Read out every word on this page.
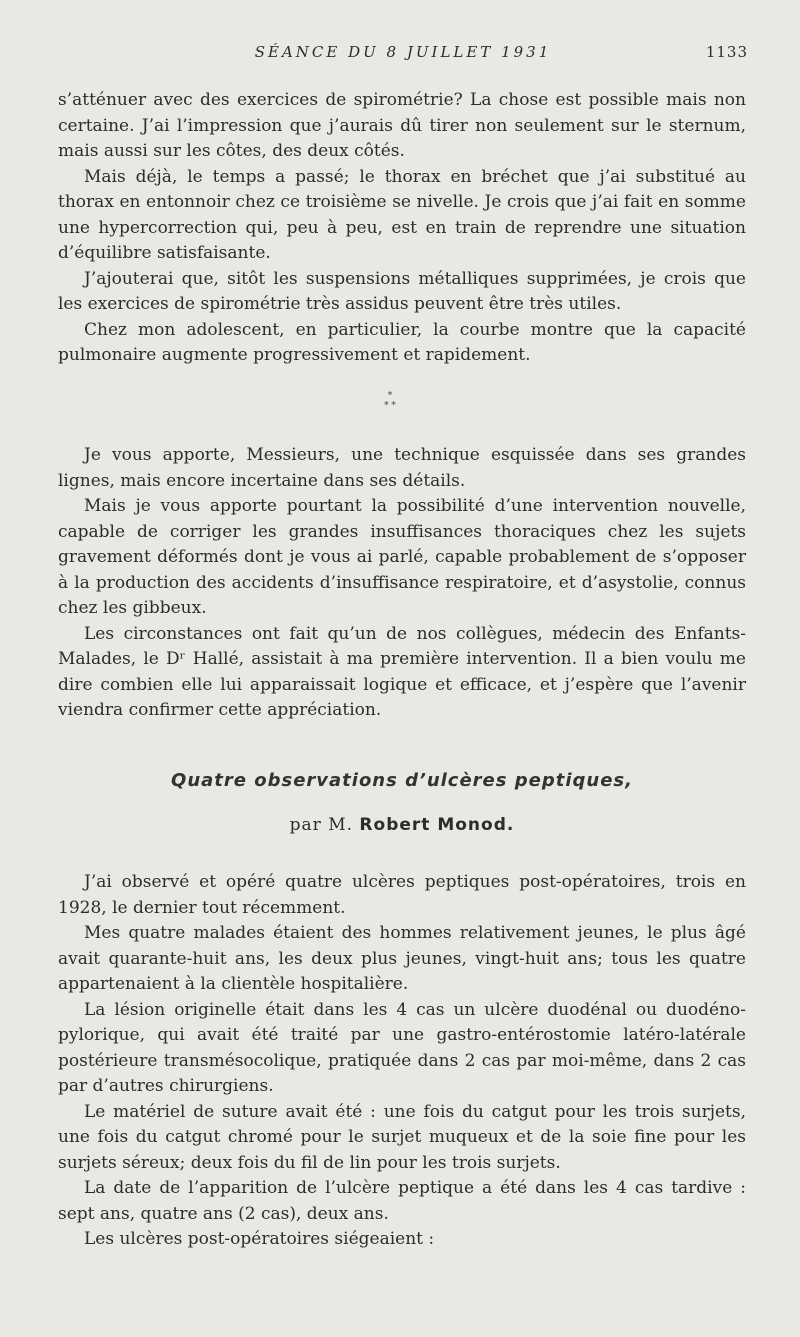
SÉANCE DU 8 JUILLET 1931	1133

s’atténuer avec des exercices de spirométrie? La chose est possible mais non certaine. J’ai l’impression que j’aurais dû tirer non seulement sur le sternum, mais aussi sur les côtes, des deux côtés.

Mais déjà, le temps a passé; le thorax en bréchet que j’ai substitué au thorax en entonnoir chez ce troisième se nivelle. Je crois que j’ai fait en somme une hypercorrection qui, peu à peu, est en train de reprendre une situation d’équilibre satisfaisante.

J’ajouterai que, sitôt les suspensions métalliques supprimées, je crois que les exercices de spirométrie très assidus peuvent être très utiles.

Chez mon adolescent, en particulier, la courbe montre que la capacité pulmonaire augmente progressivement et rapidement.

*
* *

Je vous apporte, Messieurs, une technique esquissée dans ses grandes lignes, mais encore incertaine dans ses détails.

Mais je vous apporte pourtant la possibilité d’une intervention nouvelle, capable de corriger les grandes insuffisances thoraciques chez les sujets gravement déformés dont je vous ai parlé, capable probablement de s’opposer à la production des accidents d’insuffisance respiratoire, et d’asystolie, connus chez les gibbeux.

Les circonstances ont fait qu’un de nos collègues, médecin des Enfants-Malades, le Dʳ Hallé, assistait à ma première intervention. Il a bien voulu me dire combien elle lui apparaissait logique et efficace, et j’espère que l’avenir viendra confirmer cette appréciation.

Quatre observations d’ulcères peptiques,
par M. Robert Monod.

J’ai observé et opéré quatre ulcères peptiques post-opératoires, trois en 1928, le dernier tout récemment.

Mes quatre malades étaient des hommes relativement jeunes, le plus âgé avait quarante-huit ans, les deux plus jeunes, vingt-huit ans; tous les quatre appartenaient à la clientèle hospitalière.

La lésion originelle était dans les 4 cas un ulcère duodénal ou duodéno-pylorique, qui avait été traité par une gastro-entérostomie latéro-latérale postérieure transmésocolique, pratiquée dans 2 cas par moi-même, dans 2 cas par d’autres chirurgiens.

Le matériel de suture avait été : une fois du catgut pour les trois surjets, une fois du catgut chromé pour le surjet muqueux et de la soie fine pour les surjets séreux; deux fois du fil de lin pour les trois surjets.

La date de l’apparition de l’ulcère peptique a été dans les 4 cas tardive : sept ans, quatre ans (2 cas), deux ans.

Les ulcères post-opératoires siégeaient :
